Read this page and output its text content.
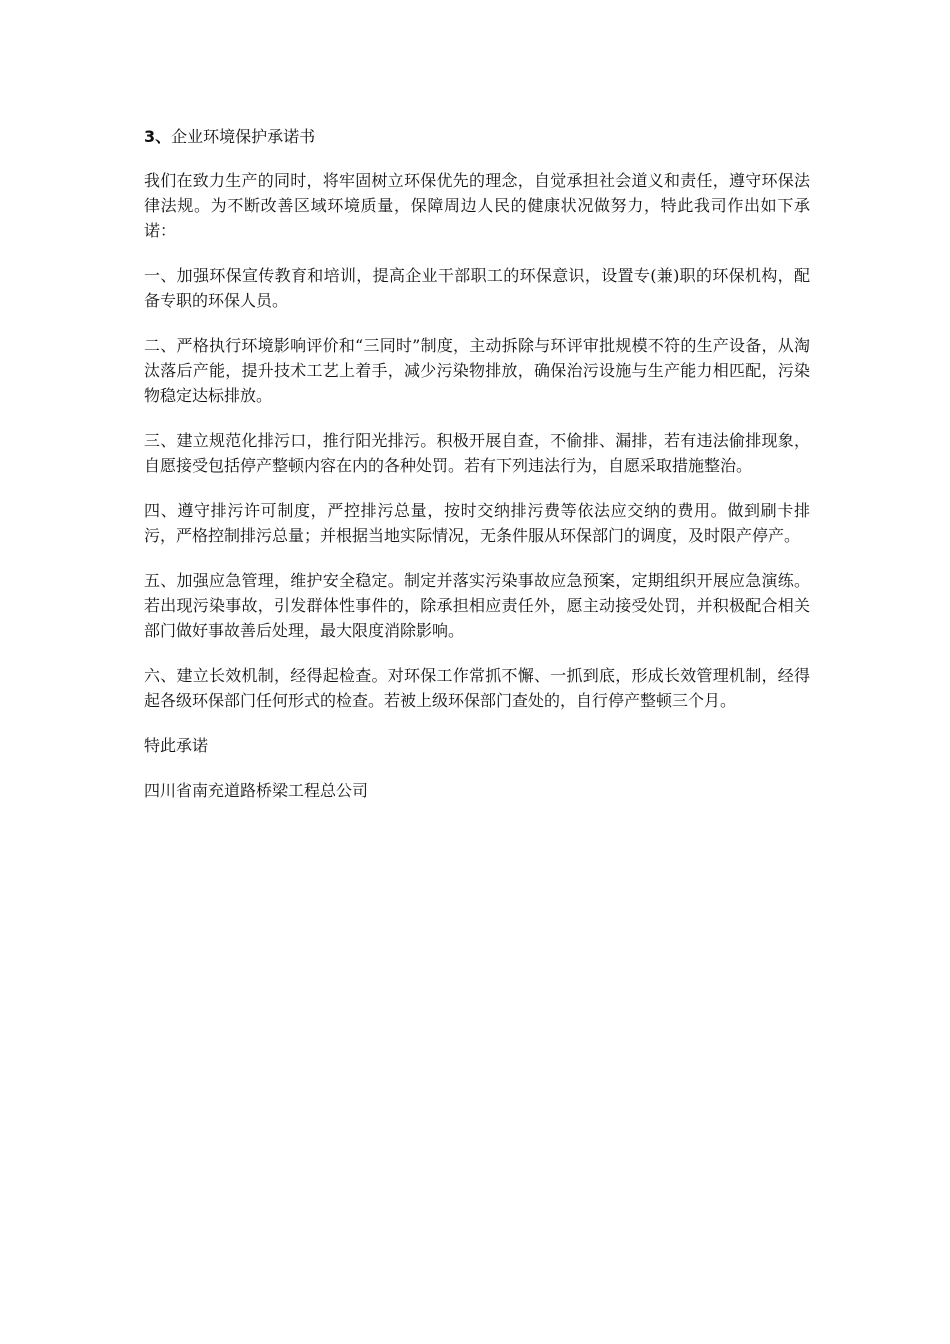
3、企业环境保护承诺书

我们在致力生产的同时，将牢固树立环保优先的理念，自觉承担社会道义和责任，遵守环保法律法规。为不断改善区域环境质量，保障周边人民的健康状况做努力，特此我司作出如下承诺：

一、加强环保宣传教育和培训，提高企业干部职工的环保意识，设置专(兼)职的环保机构，配备专职的环保人员。

二、严格执行环境影响评价和“三同时”制度，主动拆除与环评审批规模不符的生产设备，从淘汰落后产能，提升技术工艺上着手，减少污染物排放，确保治污设施与生产能力相匹配，污染物稳定达标排放。

三、建立规范化排污口，推行阳光排污。积极开展自查，不偷排、漏排，若有违法偷排现象，自愿接受包括停产整顿内容在内的各种处罚。若有下列违法行为，自愿采取措施整治。

四、遵守排污许可制度，严控排污总量，按时交纳排污费等依法应交纳的费用。做到刷卡排污，严格控制排污总量；并根据当地实际情况，无条件服从环保部门的调度，及时限产停产。

五、加强应急管理，维护安全稳定。制定并落实污染事故应急预案，定期组织开展应急演练。若出现污染事故，引发群体性事件的，除承担相应责任外，愿主动接受处罚，并积极配合相关部门做好事故善后处理，最大限度消除影响。

六、建立长效机制，经得起检查。对环保工作常抓不懈、一抓到底，形成长效管理机制，经得起各级环保部门任何形式的检查。若被上级环保部门查处的，自行停产整顿三个月。

特此承诺

四川省南充道路桥梁工程总公司
